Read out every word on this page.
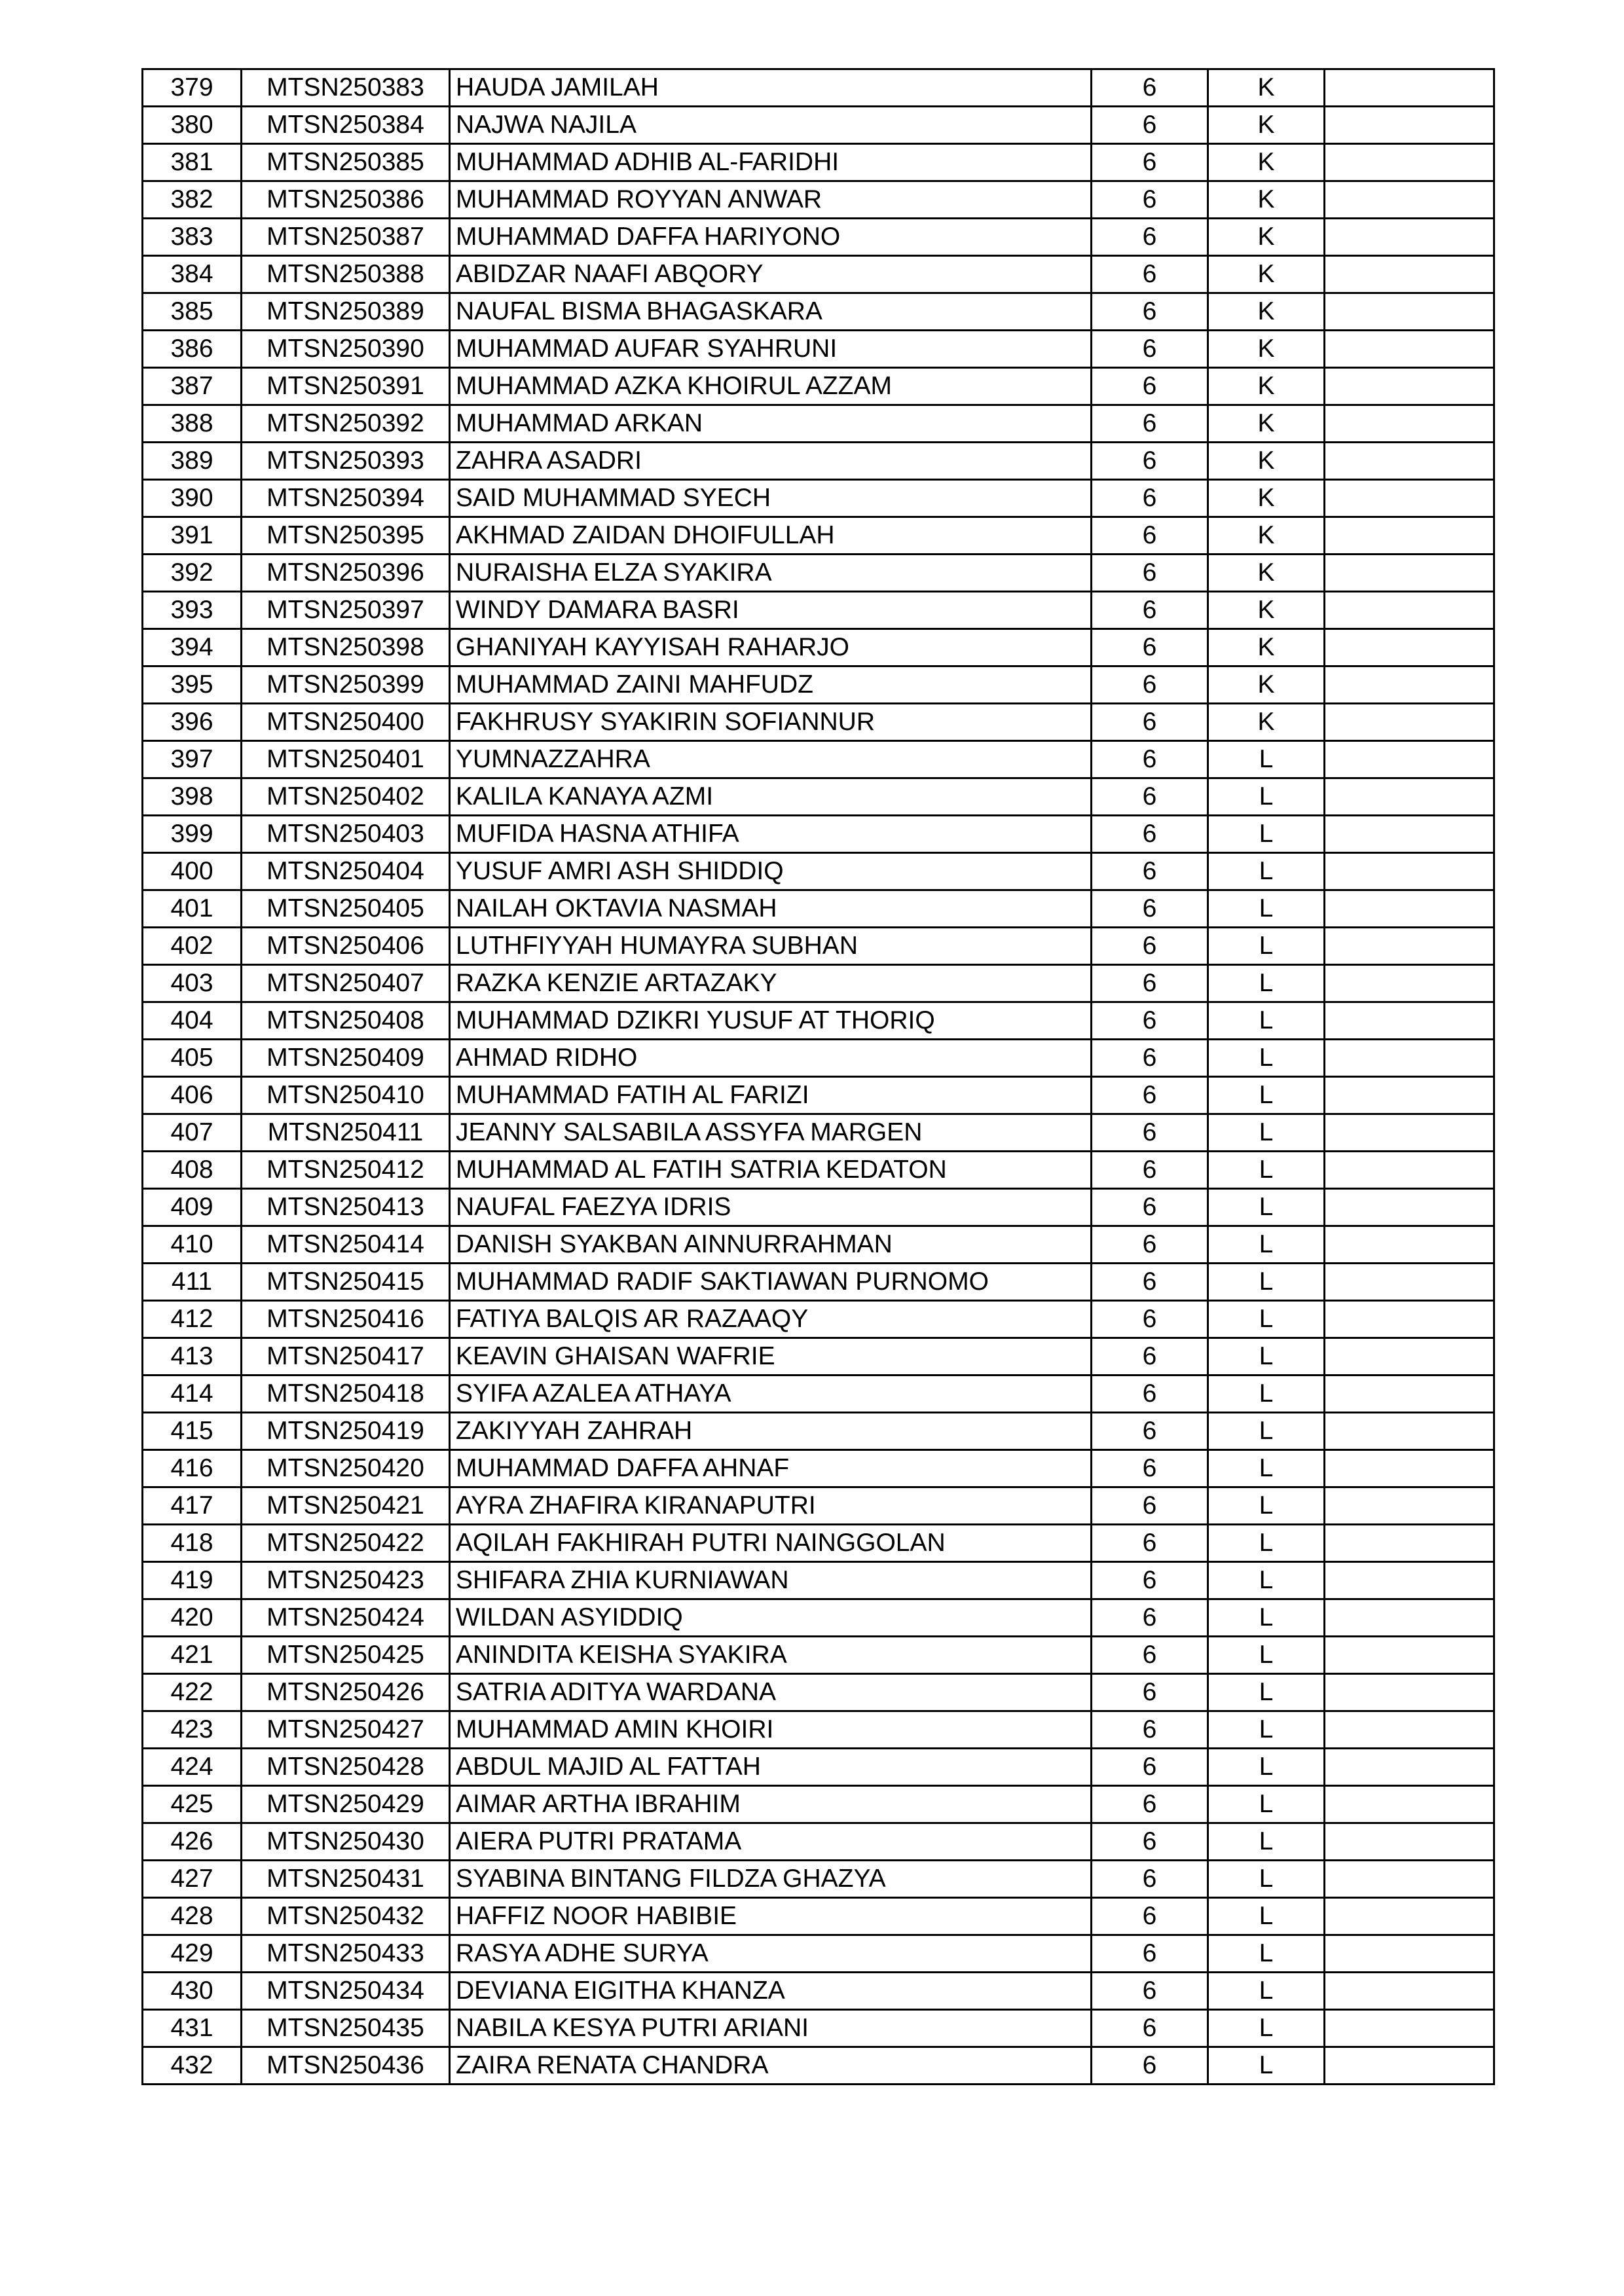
379	MTSN250383	HAUDA JAMILAH	6	K	
380	MTSN250384	NAJWA NAJILA	6	K	
381	MTSN250385	MUHAMMAD ADHIB AL-FARIDHI	6	K	
382	MTSN250386	MUHAMMAD ROYYAN ANWAR	6	K	
383	MTSN250387	MUHAMMAD DAFFA HARIYONO	6	K	
384	MTSN250388	ABIDZAR NAAFI ABQORY	6	K	
385	MTSN250389	NAUFAL BISMA BHAGASKARA	6	K	
386	MTSN250390	MUHAMMAD AUFAR SYAHRUNI	6	K	
387	MTSN250391	MUHAMMAD AZKA KHOIRUL AZZAM	6	K	
388	MTSN250392	MUHAMMAD ARKAN	6	K	
389	MTSN250393	ZAHRA ASADRI	6	K	
390	MTSN250394	SAID MUHAMMAD SYECH	6	K	
391	MTSN250395	AKHMAD ZAIDAN DHOIFULLAH	6	K	
392	MTSN250396	NURAISHA ELZA SYAKIRA	6	K	
393	MTSN250397	WINDY DAMARA BASRI	6	K	
394	MTSN250398	GHANIYAH KAYYISAH RAHARJO	6	K	
395	MTSN250399	MUHAMMAD ZAINI MAHFUDZ	6	K	
396	MTSN250400	FAKHRUSY SYAKIRIN SOFIANNUR	6	K	
397	MTSN250401	YUMNAZZAHRA	6	L	
398	MTSN250402	KALILA KANAYA AZMI	6	L	
399	MTSN250403	MUFIDA HASNA ATHIFA	6	L	
400	MTSN250404	YUSUF AMRI ASH SHIDDIQ	6	L	
401	MTSN250405	NAILAH OKTAVIA NASMAH	6	L	
402	MTSN250406	LUTHFIYYAH HUMAYRA SUBHAN	6	L	
403	MTSN250407	RAZKA KENZIE ARTAZAKY	6	L	
404	MTSN250408	MUHAMMAD DZIKRI YUSUF AT THORIQ	6	L	
405	MTSN250409	AHMAD RIDHO	6	L	
406	MTSN250410	MUHAMMAD FATIH AL FARIZI	6	L	
407	MTSN250411	JEANNY SALSABILA ASSYFA MARGEN	6	L	
408	MTSN250412	MUHAMMAD AL FATIH SATRIA KEDATON	6	L	
409	MTSN250413	NAUFAL FAEZYA IDRIS	6	L	
410	MTSN250414	DANISH SYAKBAN AINNURRAHMAN	6	L	
411	MTSN250415	MUHAMMAD RADIF SAKTIAWAN PURNOMO	6	L	
412	MTSN250416	FATIYA BALQIS AR RAZAAQY	6	L	
413	MTSN250417	KEAVIN GHAISAN WAFRIE	6	L	
414	MTSN250418	SYIFA AZALEA ATHAYA	6	L	
415	MTSN250419	ZAKIYYAH ZAHRAH	6	L	
416	MTSN250420	MUHAMMAD DAFFA AHNAF	6	L	
417	MTSN250421	AYRA ZHAFIRA KIRANAPUTRI	6	L	
418	MTSN250422	AQILAH FAKHIRAH PUTRI NAINGGOLAN	6	L	
419	MTSN250423	SHIFARA ZHIA KURNIAWAN	6	L	
420	MTSN250424	WILDAN ASYIDDIQ	6	L	
421	MTSN250425	ANINDITA KEISHA SYAKIRA	6	L	
422	MTSN250426	SATRIA ADITYA WARDANA	6	L	
423	MTSN250427	MUHAMMAD AMIN KHOIRI	6	L	
424	MTSN250428	ABDUL MAJID AL FATTAH	6	L	
425	MTSN250429	AIMAR ARTHA IBRAHIM	6	L	
426	MTSN250430	AIERA PUTRI PRATAMA	6	L	
427	MTSN250431	SYABINA BINTANG FILDZA GHAZYA	6	L	
428	MTSN250432	HAFFIZ NOOR HABIBIE	6	L	
429	MTSN250433	RASYA ADHE SURYA	6	L	
430	MTSN250434	DEVIANA EIGITHA KHANZA	6	L	
431	MTSN250435	NABILA KESYA PUTRI ARIANI	6	L	
432	MTSN250436	ZAIRA RENATA CHANDRA	6	L	
